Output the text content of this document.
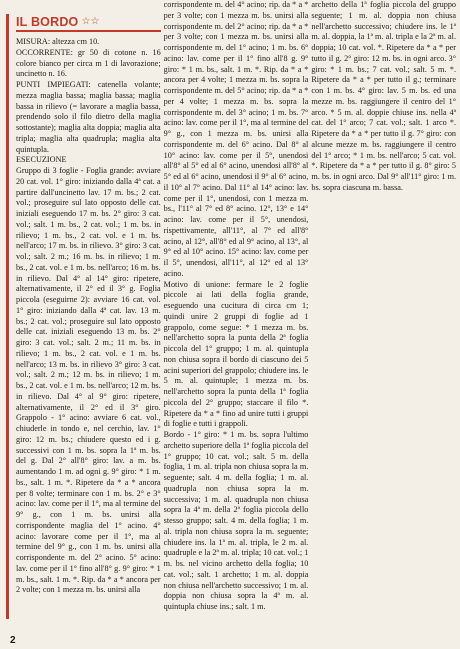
IL BORDO ☆☆

MISURA: altezza cm 10.

OCCORRENTE: gr 50 di cotone n. 16 colore bianco per circa m 1 di lavorazione; uncinetto n. 16.

PUNTI IMPIEGATI: catenella volante; mezza maglia bassa; maglia bassa; maglia bassa in rilievo (= lavorare a maglia bassa, prendendo solo il filo dietro della maglia sottostante); maglia alta doppia; maglia alta tripla; maglia alta quadrupla; maglia alta quintupla.

ESECUZIONE

Gruppo di 3 foglie - Foglia grande: avviare 20 cat. vol. 1° giro: iniziando dalla 4ª cat. a partire dall'uncinetto lav. 17 m. bs.; 2 cat. vol.; proseguire sul lato opposto delle cat. iniziali eseguendo 17 m. bs. 2° giro: 3 cat. vol.; salt. 1 m. bs., 2 cat. vol.; 1 m. bs. in rilievo; 1 m. bs., 2 cat. vol. e 1 m. bs. nell'arco; 17 m. bs. in rilievo. 3° giro: 3 cat. vol.; salt. 2 m.; 16 m. bs. in rilievo; 1 m. bs., 2 cat. vol. e 1 m. bs. nell'arco; 16 m. bs. in rilievo. Dal 4° al 14° giro: ripetere, alternativamente, il 2° ed il 3° g. Foglia piccola (eseguirne 2): avviare 16 cat. vol. 1° giro: iniziando dalla 4ª cat. lav. 13 m. bs.; 2 cat. vol.; proseguire sul lato opposto delle cat. iniziali eseguendo 13 m. bs. 2° giro: 3 cat. vol.; salt. 2 m.; 11 m. bs. in rilievo; 1 m. bs., 2 cat. vol. e 1 m. bs. nell'arco; 13 m. bs. in rilievo 3° giro: 3 cat. vol.; salt. 2 m.; 12 m. bs. in rilievo; 1 m. bs., 2 cat. vol. e 1 m. bs. nell'arco; 12 m. bs. in rilievo. Dal 4° al 9° giro: ripetere, alternativamente, il 2° ed il 3° giro. Grappolo - 1° acino: avviare 6 cat. vol., chiuderle in tondo e, nel cerchio, lav. 1° giro: 12 m. bs.; chiudere questo ed i g. successivi con 1 m. bs. sopra la 1ª m. bs. del g. Dal 2° all'8° giro: lav. a m. bs. aumentando 1 m. ad ogni g. 9° giro: * 1 m. bs., salt. 1 m. *. Ripetere da * a * ancora per 8 volte; terminare con 1 m. bs. 2° e 3° acino: lav. come per il 1°, ma al termine del 9° g., con 1 m. bs. unirsi alla corrispondente maglia del 1° acino. 4° acino: lavorare come per il 1°, ma al termine del 9° g., con 1 m. bs. unirsi alla corrispondente m. del 2° acino. 5° acino: lav. come per il 1° fino all'8° g. 9° giro: * 1 m. bs., salt. 1 m. *. Rip. da * a * ancora per 2 volte; con 1 mezza m. bs. unirsi alla

corrispondente m. del 4° acino; rip. da * a * per 3 volte; con 1 mezza m. bs. unirsi alla corrispondente m. del 2° acino; rip. da * a * per 3 volte; con 1 mezza m. bs. unirsi alla corrispondente m. del 1° acino; 1 m. bs. 6° acino: lav. come per il 1° fino all'8 g. 9° giro: * 1 m. bs., salt. 1 m. *. Rip. da * a * ancora per 4 volte; 1 mezza m. bs. sopra la corrispondente m. del 5° acino; rip. da * a * per 4 volte; 1 mezza m. bs. sopra la corrispondente m. del 3° acino; 1 m. bs. 7° acino: lav. come per il 1°, ma al termine del 9° g., con 1 mezza m. bs. unirsi alla corrispondente m. del 6° acino. Dal 8° al 10° acino: lav. come per il 5°, unendosi all'8° al 5° ed al 6° acino, unendosi all'8° al 5° ed al 6° acino, unendosi il 9° al 6° acino, il 10° al 7° acino. Dal 11° al 14° acino: lav. come per il 1°, unendosi, con 1 mezza m. bs., l'11° al 7° ed 8° acino. 12°, 13° e 14° acino: lav. come per il 5°, unendosi, rispettivamente, all'11°, al 7° ed all'8° acino, al 12°, all'8° ed al 9° acino, al 13°, al 9° ed al 10° acino. 15° acino: lav. come per il 5°, unendosi, all'11°, al 12° ed al 13° acino.

Motivo di unione: fermare le 2 foglie piccole ai lati della foglia grande, eseguendo una cucitura di circa cm 1; quindi unire 2 gruppi di foglie ad 1 grappolo, come segue: * 1 mezza m. bs. nell'archetto sopra la punta della 2ª foglia piccola del 1° gruppo; 1 m. al. quintupla non chiusa sopra il bordo di ciascuno dei 5 acini superiori del grappolo; chiudere ins. le 5 m. al. quintuple; 1 mezza m. bs. nell'archetto sopra la punta della 1ª foglia piccola del 2° gruppo; staccare il filo *. Ripetere da * a * fino ad unire tutti i gruppi di foglie e tutti i grappoli.

Bordo - 1° giro: * 1 m. bs. sopra l'ultimo archetto superiore della 1ª foglia piccola del 1° gruppo; 10 cat. vol.; salt. 5 m. della foglia, 1 m. al. tripla non chiusa sopra la m. seguente; salt. 4 m. della foglia; 1 m. al. quadrupla non chiusa sopra la m. successiva; 1 m. al. quadrupla non chiusa sopra la 4ª m. della 2ª foglia piccola dello stesso gruppo; salt. 4 m. della foglia; 1 m. al. tripla non chiusa sopra la m. seguente; chiudere ins. la 1ª m. al. tripla, le 2 m. al. quadruple e la 2ª m. al. tripla; 10 cat. vol.; 1 m. bs. nel vicino archetto della foglia; 10 cat. vol.; salt. 1 archetto; 1 m. al. doppia non chiusa nell'archetto successivo; 1 m. al. doppia non chiusa sopra la 4ª m. al. quintupla chiuse ins.; salt. 1 m.

archetto della 1ª foglia piccola del gruppo seguente; 1 m. al. doppia non chiusa nell'archetto successivo; chiudere ins. le 1ª m. al. doppia, la 1ª m. al. tripla e la 2ª m. al. doppia; 10 cat. vol. *. Ripetere da * a * per tutto il g. 2° giro: 12 m. bs. in ogni arco. 3° giro: * 1 m. bs.; 7 cat. vol.; salt. 5 m. *. Ripetere da * a * per tutto il g.; terminare con 1 m. bs. 4° giro: lav. 5 m. bs. ed una mezze m. bs. raggiungere il centro del 1° arco. * 5 m. al. doppie chiuse ins. nella 4ª cat. del 1° arco; 7 cat. vol.; salt. 1 arco *. Ripetere da * a * per tutto il g. 7° giro: con alcune mezze m. bs. raggiungere il centro del 1° arco; * 1 m. bs. nell'arco; 5 cat. vol. *. Ripetere da * a * per tutto il g. 8° giro: 5 m. bs. in ogni arco. Dal 9° all'11° giro: 1 m. bs. sopra ciascuna m. bassa.

2
